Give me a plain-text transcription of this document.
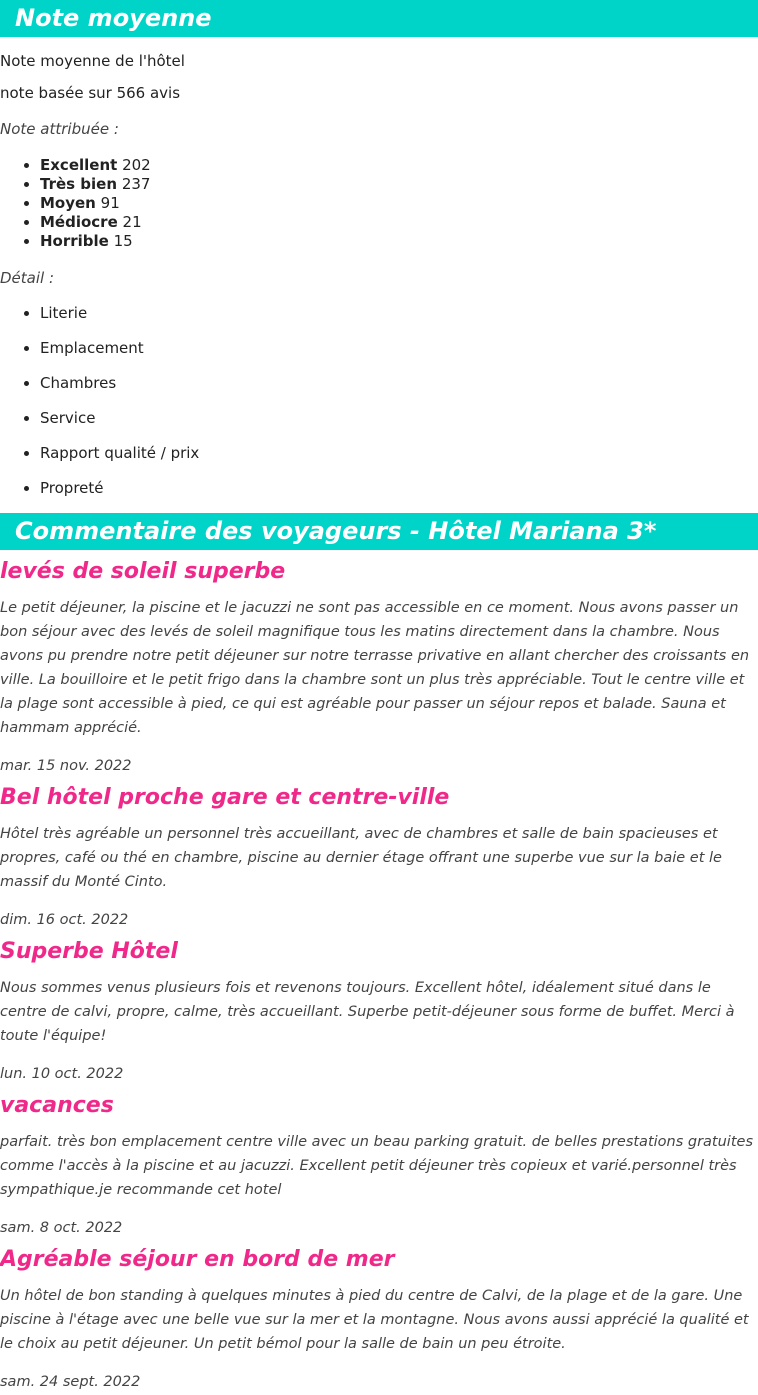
Note moyenne

Note moyenne de l'hôtel

note basée sur 566 avis

Note attribuée :

• Excellent 202
• Très bien 237
• Moyen 91
• Médiocre 21
• Horrible 15

Détail :

• Literie
• Emplacement
• Chambres
• Service
• Rapport qualité / prix
• Propreté
Commentaire des voyageurs - Hôtel Mariana 3*
levés de soleil superbe

Le petit déjeuner, la piscine et le jacuzzi ne sont pas accessible en ce moment. Nous avons passer un bon séjour avec des levés de soleil magnifique tous les matins directement dans la chambre. Nous avons pu prendre notre petit déjeuner sur notre terrasse privative en allant chercher des croissants en ville. La bouilloire et le petit frigo dans la chambre sont un plus très appréciable. Tout le centre ville et la plage sont accessible à pied, ce qui est agréable pour passer un séjour repos et balade. Sauna et hammam apprécié.

mar. 15 nov. 2022

Bel hôtel proche gare et centre-ville

Hôtel très agréable un personnel très accueillant, avec de chambres et salle de bain spacieuses et propres, café ou thé en chambre, piscine au dernier étage offrant une superbe vue sur la baie et le massif du Monté Cinto.

dim. 16 oct. 2022

Superbe Hôtel

Nous sommes venus plusieurs fois et revenons toujours. Excellent hôtel, idéalement situé dans le centre de calvi, propre, calme, très accueillant. Superbe petit-déjeuner sous forme de buffet. Merci à toute l'équipe!

lun. 10 oct. 2022

vacances

parfait. très bon emplacement centre ville avec un beau parking gratuit. de belles prestations gratuites comme l'accès à la piscine et au jacuzzi. Excellent petit déjeuner très copieux et varié.personnel très sympathique.je recommande cet hotel

sam. 8 oct. 2022

Agréable séjour en bord de mer

Un hôtel de bon standing à quelques minutes à pied du centre de Calvi, de la plage et de la gare. Une piscine à l'étage avec une belle vue sur la mer et la montagne. Nous avons aussi apprécié la qualité et le choix au petit déjeuner. Un petit bémol pour la salle de bain un peu étroite.

sam. 24 sept. 2022
